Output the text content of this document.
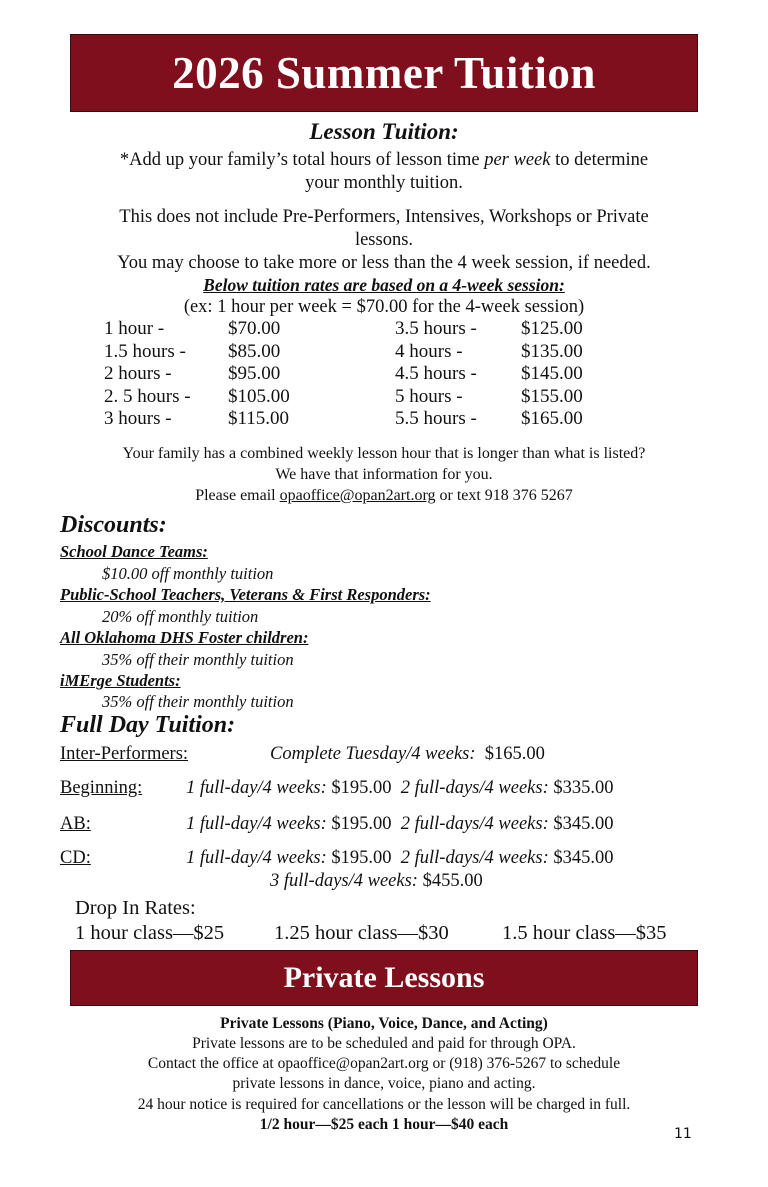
2026 Summer Tuition
Lesson Tuition:
*Add up your family’s total hours of lesson time per week to determine
your monthly tuition.
This does not include Pre-Performers, Intensives, Workshops or Private
lessons.
You may choose to take more or less than the 4 week session, if needed.
Below tuition rates are based on a 4-week session:
(ex: 1 hour per week = $70.00 for the 4-week session)
1 hour -	$70.00
1.5 hours - $85.00
2 hours -	$95.00
2. 5 hours - $105.00
3 hours -	$115.00
3.5 hours - $125.00
4 hours -	$135.00
4.5 hours - $145.00
5 hours -	$155.00
5.5 hours - $165.00
Your family has a combined weekly lesson hour that is longer than what is listed?
We have that information for you.
Please email opaoffice@opan2art.org or text 918 376 5267
Discounts:
School Dance Teams:
$10.00 off monthly tuition
Public-School Teachers, Veterans & First Responders:
20% off monthly tuition
All Oklahoma DHS Foster children:
35% off their monthly tuition
iMErge Students:
35% off their monthly tuition
Full Day Tuition:
Inter-Performers:	Complete Tuesday/4 weeks: $165.00
Beginning: 1 full-day/4 weeks: $195.00 2 full-days/4 weeks: $335.00
AB:	1 full-day/4 weeks: $195.00 2 full-days/4 weeks: $345.00
CD:	1 full-day/4 weeks: $195.00 2 full-days/4 weeks: $345.00
3 full-days/4 weeks: $455.00
Drop In Rates:
1 hour class—$25 1.25 hour class—$30	1.5 hour class—$35
Private Lessons
Private Lessons (Piano, Voice, Dance, and Acting)
Private lessons are to be scheduled and paid for through OPA.
Contact the office at opaoffice@opan2art.org or (918) 376-5267 to schedule
private lessons in dance, voice, piano and acting.
24 hour notice is required for cancellations or the lesson will be charged in full.
1/2 hour—$25 each 1 hour—$40 each
11
